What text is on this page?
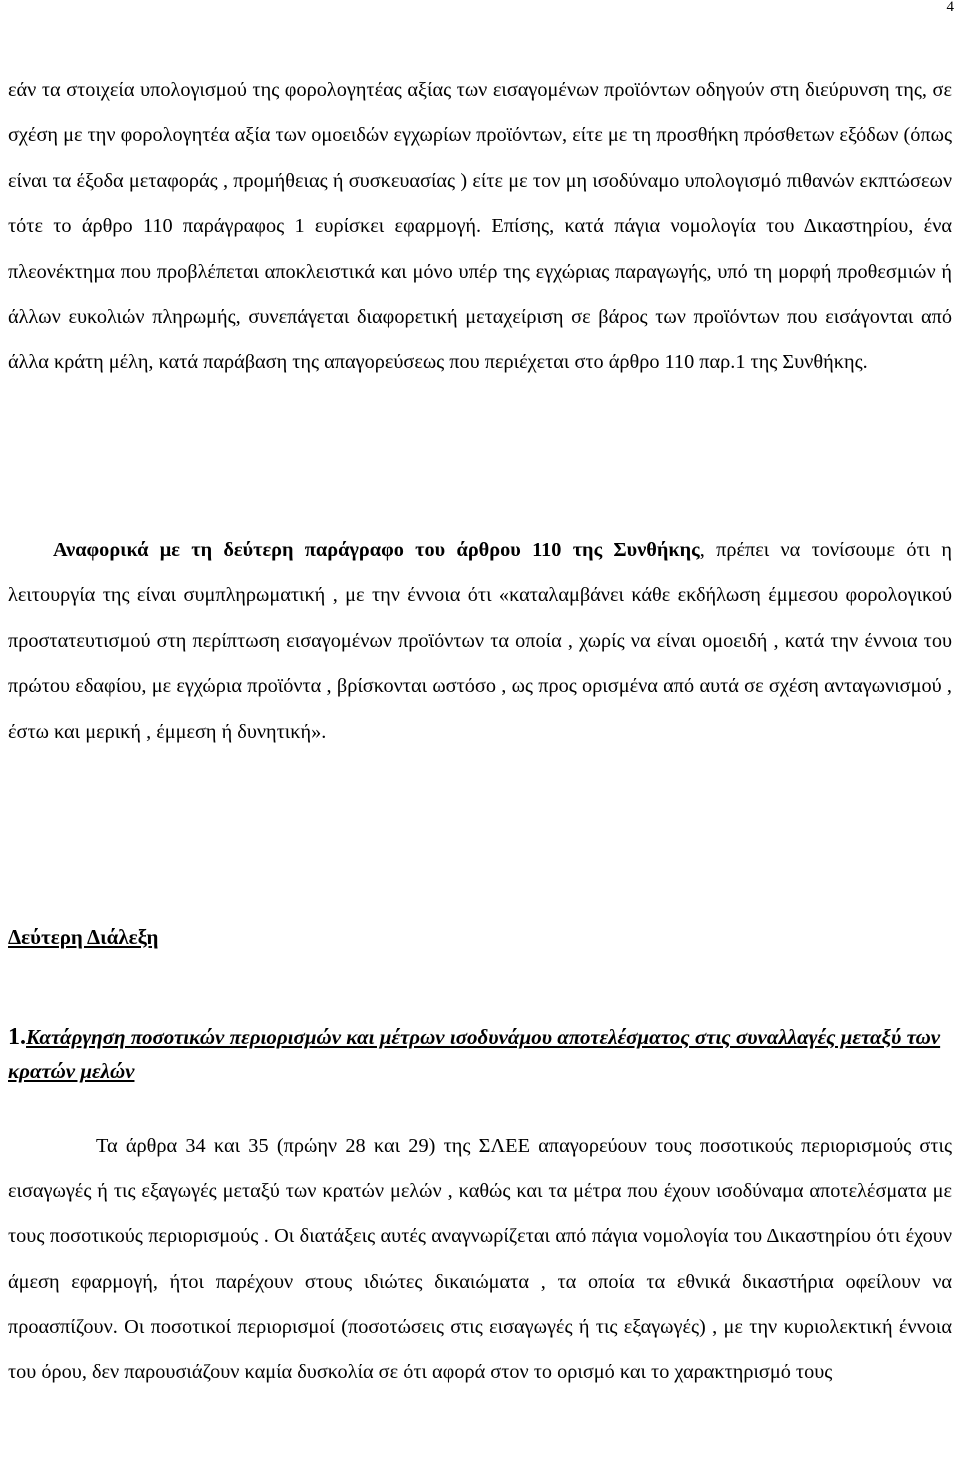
4

εάν τα στοιχεία υπολογισμού της φορολογητέας αξίας των εισαγομένων προϊόντων οδηγούν στη διεύρυνση της, σε σχέση με την φορολογητέα αξία των ομοειδών εγχωρίων προϊόντων, είτε με τη προσθήκη πρόσθετων εξόδων (όπως είναι τα έξοδα μεταφοράς , προμήθειας ή συσκευασίας ) είτε με τον μη ισοδύναμο υπολογισμό πιθανών εκπτώσεων τότε το άρθρο 110 παράγραφος 1 ευρίσκει εφαρμογή. Επίσης, κατά πάγια νομολογία του Δικαστηρίου, ένα πλεονέκτημα που προβλέπεται αποκλειστικά και μόνο υπέρ της εγχώριας παραγωγής, υπό τη μορφή προθεσμιών ή άλλων ευκολιών πληρωμής, συνεπάγεται διαφορετική μεταχείριση σε βάρος των προϊόντων που εισάγονται από άλλα κράτη μέλη, κατά παράβαση της απαγορεύσεως που περιέχεται στο άρθρο 110 παρ.1 της Συνθήκης.

Αναφορικά με τη δεύτερη παράγραφο του άρθρου 110 της Συνθήκης, πρέπει να τονίσουμε ότι η λειτουργία της είναι συμπληρωματική , με την έννοια ότι «καταλαμβάνει κάθε εκδήλωση έμμεσου φορολογικού προστατευτισμού στη περίπτωση εισαγομένων προϊόντων τα οποία , χωρίς να είναι ομοειδή , κατά την έννοια του πρώτου εδαφίου, με εγχώρια προϊόντα , βρίσκονται ωστόσο , ως προς ορισμένα από αυτά σε σχέση ανταγωνισμού , έστω και μερική , έμμεση ή δυνητική».

Δεύτερη Διάλεξη
1.Κατάργηση ποσοτικών περιορισμών και μέτρων ισοδυνάμου αποτελέσματος στις συναλλαγές μεταξύ των κρατών μελών

Τα άρθρα 34 και 35 (πρώην 28 και 29) της ΣΛΕΕ απαγορεύουν τους ποσοτικούς περιορισμούς στις εισαγωγές ή τις εξαγωγές μεταξύ των κρατών μελών , καθώς και τα μέτρα που έχουν ισοδύναμα αποτελέσματα με τους ποσοτικούς περιορισμούς . Οι διατάξεις αυτές αναγνωρίζεται από πάγια νομολογία του Δικαστηρίου ότι έχουν άμεση εφαρμογή, ήτοι παρέχουν στους ιδιώτες δικαιώματα , τα οποία τα εθνικά δικαστήρια οφείλουν να προασπίζουν. Οι ποσοτικοί περιορισμοί (ποσοτώσεις στις εισαγωγές ή τις εξαγωγές) , με την κυριολεκτική έννοια του όρου, δεν παρουσιάζουν καμία δυσκολία σε ότι αφορά στον το ορισμό και το χαρακτηρισμό τους
